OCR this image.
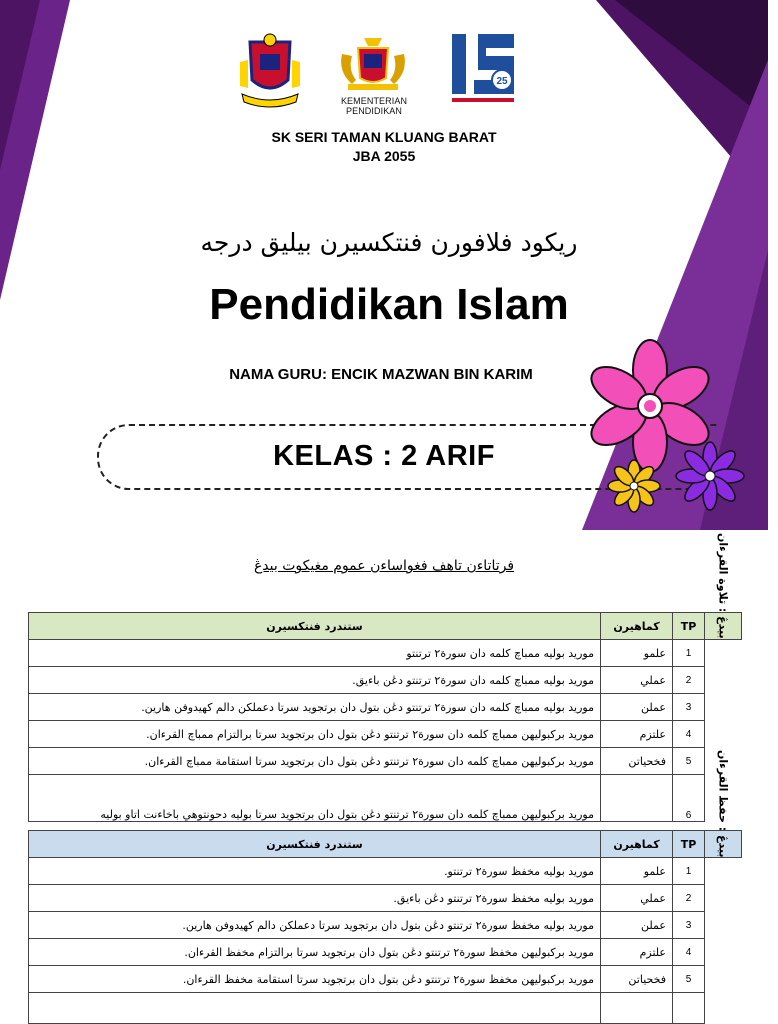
KEMENTERIAN PENDIDIKAN
25
SK SERI TAMAN KLUANG BARAT
JBA 2055
ريکود فلافورن فنتکسيرن بيليق درجه
Pendidikan Islam
NAMA GURU: ENCIK MAZWAN BIN KARIM
KELAS : 2 ARIF
فرتاتاءن تاهف فغواساءن عموم مغيکوت بيدڠ
ستندرد فنتکسيرن	کماهيرن	TP	بيدڠ : تلاوة القرءان
موريد بوليه ممباچ کلمه دان سورة٢ ترتنتو	علمو	1	
موريد بوليه ممباچ کلمه دان سورة٢ ترتنتو دڠن باءيق.	عملي	2	
موريد بوليه ممباچ کلمه دان سورة٢ ترتنتو دڠن بتول دان برتجويد سرتا دعملکن دالم کهيدوفن هارين.	عملن	3	
موريد برکبوليهن ممباچ کلمه دان سورة٢ ترتنتو دڠن بتول دان برتجويد سرتا برالتزام ممباچ القرءان.	علتزم	4	
موريد برکبوليهن ممباچ کلمه دان سورة٢ ترتنتو دڠن بتول دان برتجويد سرتا استقامة ممباچ القرءان.	فخحياتن	5	
موريد برکبوليهن ممباچ کلمه دان سورة٢ ترتنتو دڠن بتول دان برتجويد سرتا بوليه دحونتوهي باخاءنت اتاو بوليه		6	
ستندرد فنتکسيرن	کماهيرن	TP	بيدڠ : حفظ القرءان
موريد بوليه مخفظ سورة٢ ترتنتو.	علمو	1	
موريد بوليه مخفظ سورة٢ ترتنتو دڠن باءيق.	عملي	2	
موريد بوليه مخفظ سورة٢ ترتنتو دڠن بتول دان برتجويد سرتا دعملکن دالم کهيدوفن هارين.	عملن	3	
موريد برکبوليهن مخفظ سورة٢ ترتنتو دڠن بتول دان برتجويد سرتا برالتزام مخفظ القرءان.	علتزم	4	
موريد برکبوليهن مخفظ سورة٢ ترتنتو دڠن بتول دان برتجويد سرتا استقامة مخفظ القرءان.	فخحياتن	5	
